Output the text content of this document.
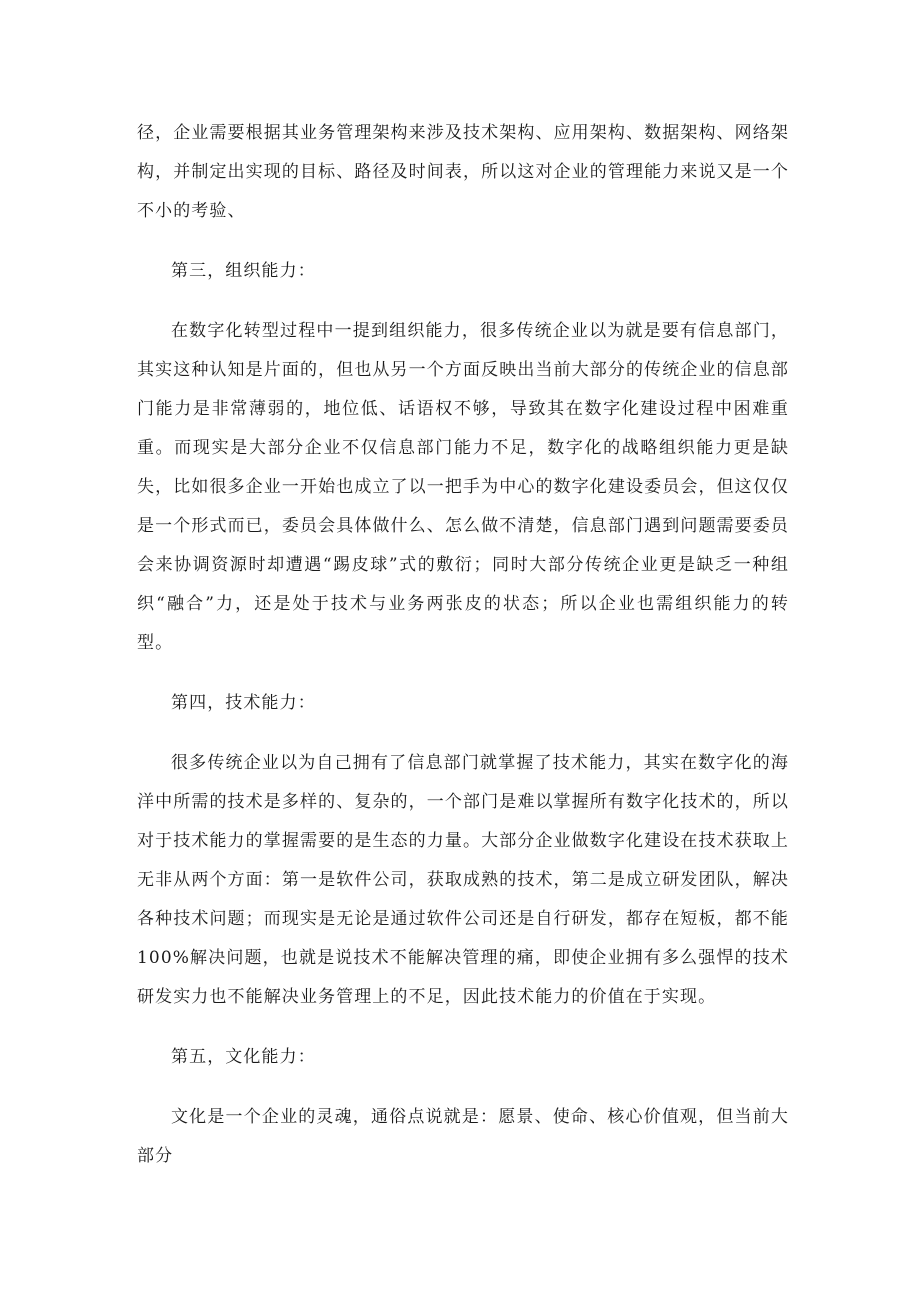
径，企业需要根据其业务管理架构来涉及技术架构、应用架构、数据架构、网络架构，并制定出实现的目标、路径及时间表，所以这对企业的管理能力来说又是一个不小的考验、

第三，组织能力：

在数字化转型过程中一提到组织能力，很多传统企业以为就是要有信息部门，其实这种认知是片面的，但也从另一个方面反映出当前大部分的传统企业的信息部门能力是非常薄弱的，地位低、话语权不够，导致其在数字化建设过程中困难重重。而现实是大部分企业不仅信息部门能力不足，数字化的战略组织能力更是缺失，比如很多企业一开始也成立了以一把手为中心的数字化建设委员会，但这仅仅是一个形式而已，委员会具体做什么、怎么做不清楚，信息部门遇到问题需要委员会来协调资源时却遭遇“踢皮球”式的敷衍；同时大部分传统企业更是缺乏一种组织“融合”力，还是处于技术与业务两张皮的状态；所以企业也需组织能力的转型。

第四，技术能力：

很多传统企业以为自己拥有了信息部门就掌握了技术能力，其实在数字化的海洋中所需的技术是多样的、复杂的，一个部门是难以掌握所有数字化技术的，所以对于技术能力的掌握需要的是生态的力量。大部分企业做数字化建设在技术获取上无非从两个方面：第一是软件公司，获取成熟的技术，第二是成立研发团队，解决各种技术问题；而现实是无论是通过软件公司还是自行研发，都存在短板，都不能100%解决问题，也就是说技术不能解决管理的痛，即使企业拥有多么强悍的技术研发实力也不能解决业务管理上的不足，因此技术能力的价值在于实现。

第五，文化能力：

文化是一个企业的灵魂，通俗点说就是：愿景、使命、核心价值观，但当前大部分
